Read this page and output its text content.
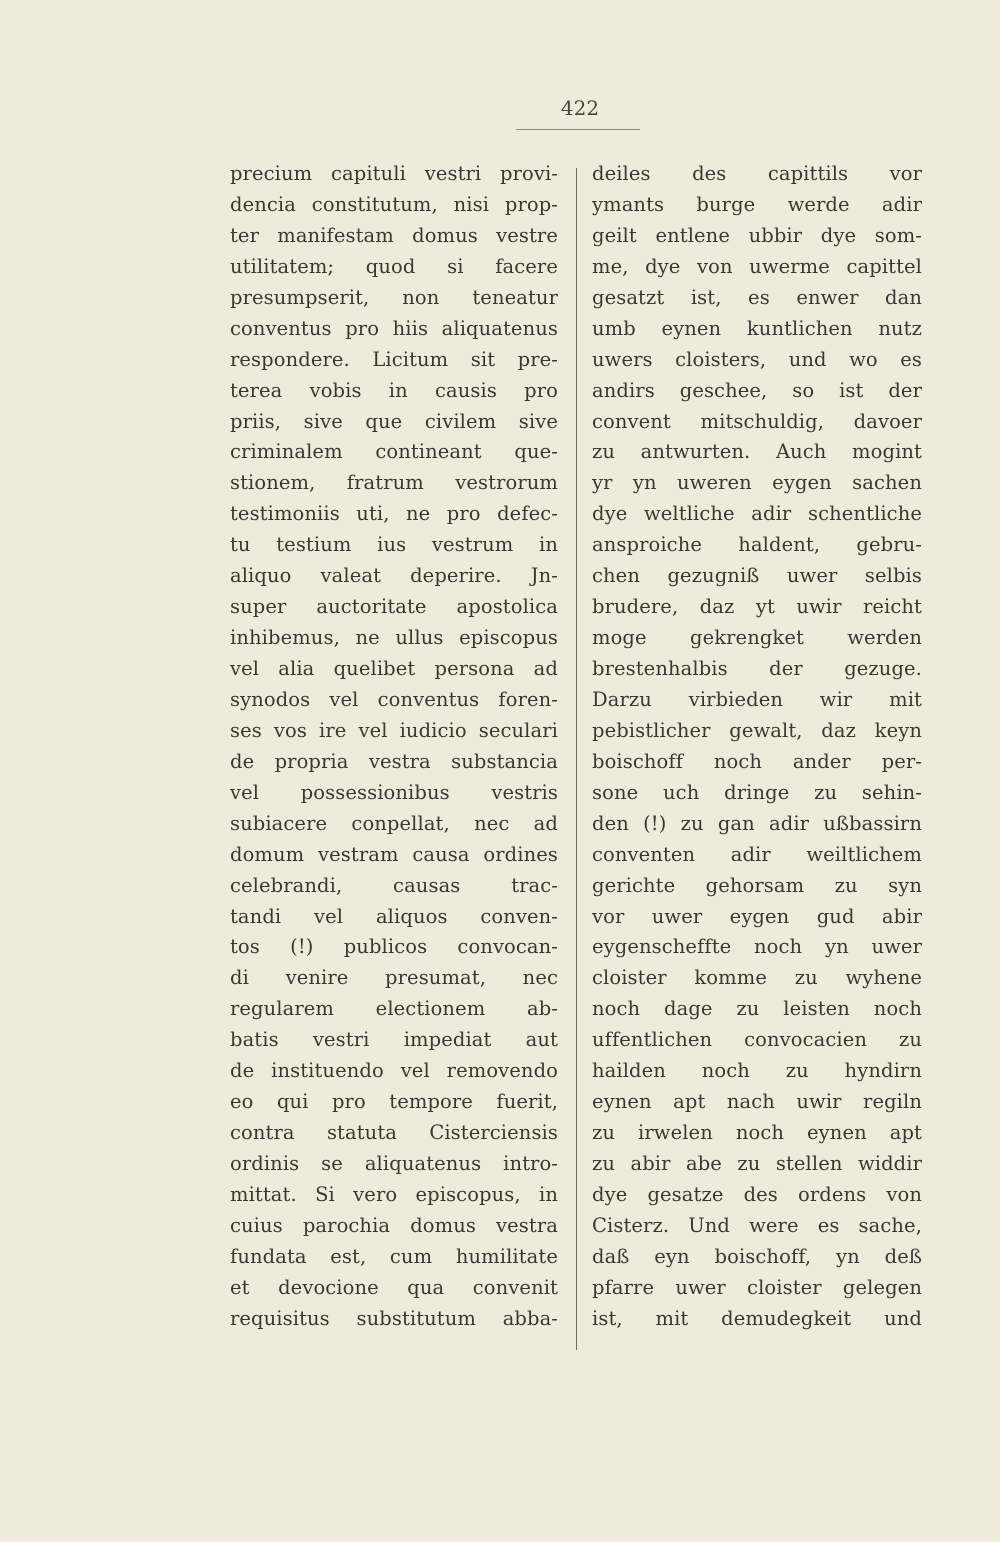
422
precium capituli vestri provi-
dencia constitutum, nisi prop-
ter manifestam domus vestre
utilitatem; quod si facere
presumpserit, non teneatur
conventus pro hiis aliquatenus
respondere. Licitum sit pre-
terea vobis in causis pro
priis, sive que civilem sive
criminalem contineant que-
stionem, fratrum vestrorum
testimoniis uti, ne pro defec-
tu testium ius vestrum in
aliquo valeat deperire. Jn-
super auctoritate apostolica
inhibemus, ne ullus episcopus
vel alia quelibet persona ad
synodos vel conventus foren-
ses vos ire vel iudicio seculari
de propria vestra substancia
vel possessionibus vestris
subiacere conpellat, nec ad
domum vestram causa ordines
celebrandi, causas trac-
tandi vel aliquos conven-
tos (!) publicos convocan-
di venire presumat, nec
regularem electionem ab-
batis vestri impediat aut
de instituendo vel removendo
eo qui pro tempore fuerit,
contra statuta Cisterciensis
ordinis se aliquatenus intro-
mittat. Si vero episcopus, in
cuius parochia domus vestra
fundata est, cum humilitate
et devocione qua convenit
requisitus substitutum abba-
deiles des capittils vor
ymants burge werde adir
geilt entlene ubbir dye som-
me, dye von uwerme capittel
gesatzt ist, es enwer dan
umb eynen kuntlichen nutz
uwers cloisters, und wo es
andirs geschee, so ist der
convent mitschuldig, davoer
zu antwurten. Auch mogint
yr yn uweren eygen sachen
dye weltliche adir schentliche
ansproiche haldent, gebru-
chen gezugniß uwer selbis
brudere, daz yt uwir reicht
moge gekrengket werden
brestenhalbis der gezuge.
Darzu virbieden wir mit
pebistlicher gewalt, daz keyn
boischoff noch ander per-
sone uch dringe zu sehin-
den (!) zu gan adir ußbassirn
conventen adir weiltlichem
gerichte gehorsam zu syn
vor uwer eygen gud abir
eygenscheffte noch yn uwer
cloister komme zu wyhene
noch dage zu leisten noch
uffentlichen convocacien zu
hailden noch zu hyndirn
eynen apt nach uwir regiln
zu irwelen noch eynen apt
zu abir abe zu stellen widdir
dye gesatze des ordens von
Cisterz. Und were es sache,
daß eyn boischoff, yn deß
pfarre uwer cloister gelegen
ist, mit demudegkeit und
